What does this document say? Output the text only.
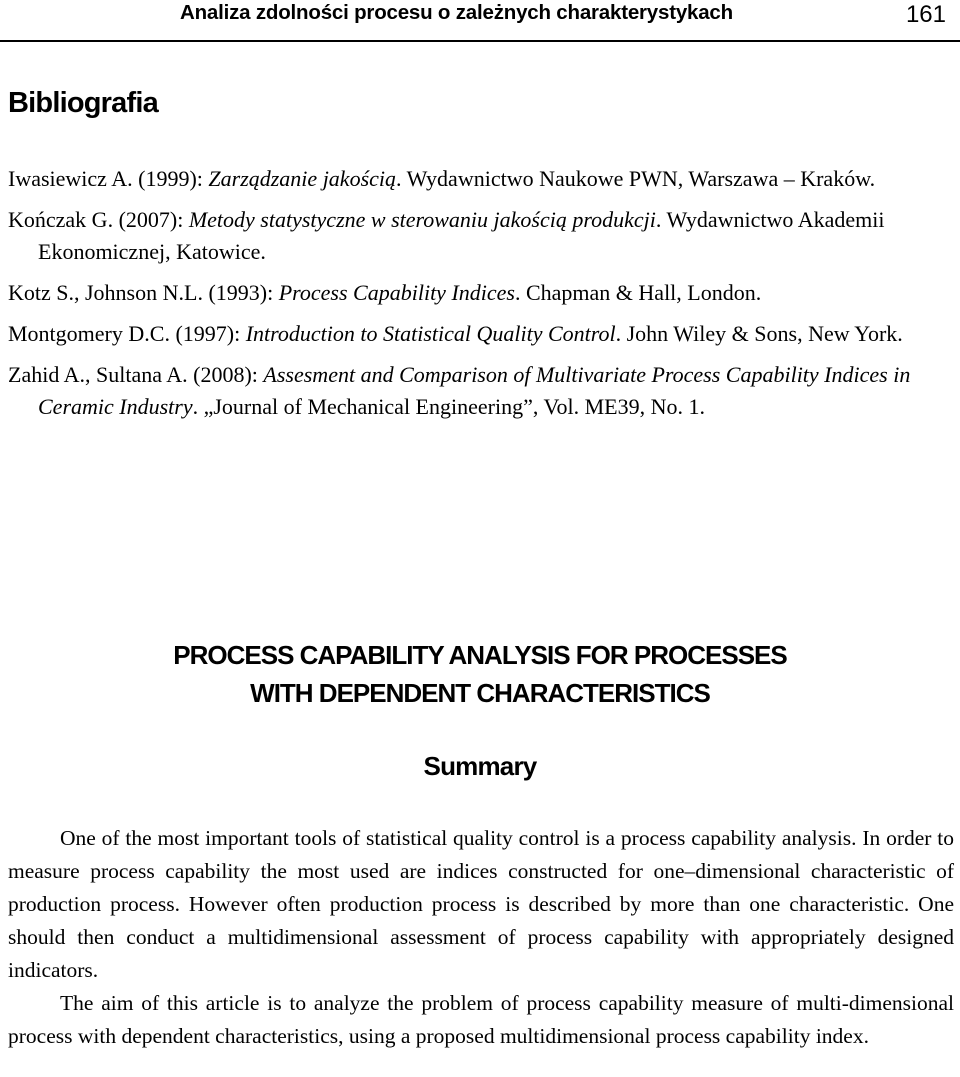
Analiza zdolności procesu o zależnych charakterystykach	161
Bibliografia
Iwasiewicz A. (1999): Zarządzanie jakością. Wydawnictwo Naukowe PWN, Warszawa – Kraków.
Kończak G. (2007): Metody statystyczne w sterowaniu jakością produkcji. Wydawnictwo Akademii Ekonomicznej, Katowice.
Kotz S., Johnson N.L. (1993): Process Capability Indices. Chapman & Hall, London.
Montgomery D.C. (1997): Introduction to Statistical Quality Control. John Wiley & Sons, New York.
Zahid A., Sultana A. (2008): Assesment and Comparison of Multivariate Process Capability Indices in Ceramic Industry. „Journal of Mechanical Engineering”, Vol. ME39, No. 1.
PROCESS CAPABILITY ANALYSIS FOR PROCESSES
WITH DEPENDENT CHARACTERISTICS
Summary

One of the most important tools of statistical quality control is a process capability analysis. In order to measure process capability the most used are indices constructed for one–dimensional characteristic of production process. However often production process is described by more than one characteristic. One should then conduct a multidimensional assessment of process capability with appropriately designed indicators.

The aim of this article is to analyze the problem of process capability measure of multi-dimensional process with dependent characteristics, using a proposed multidimensional process capability index.
